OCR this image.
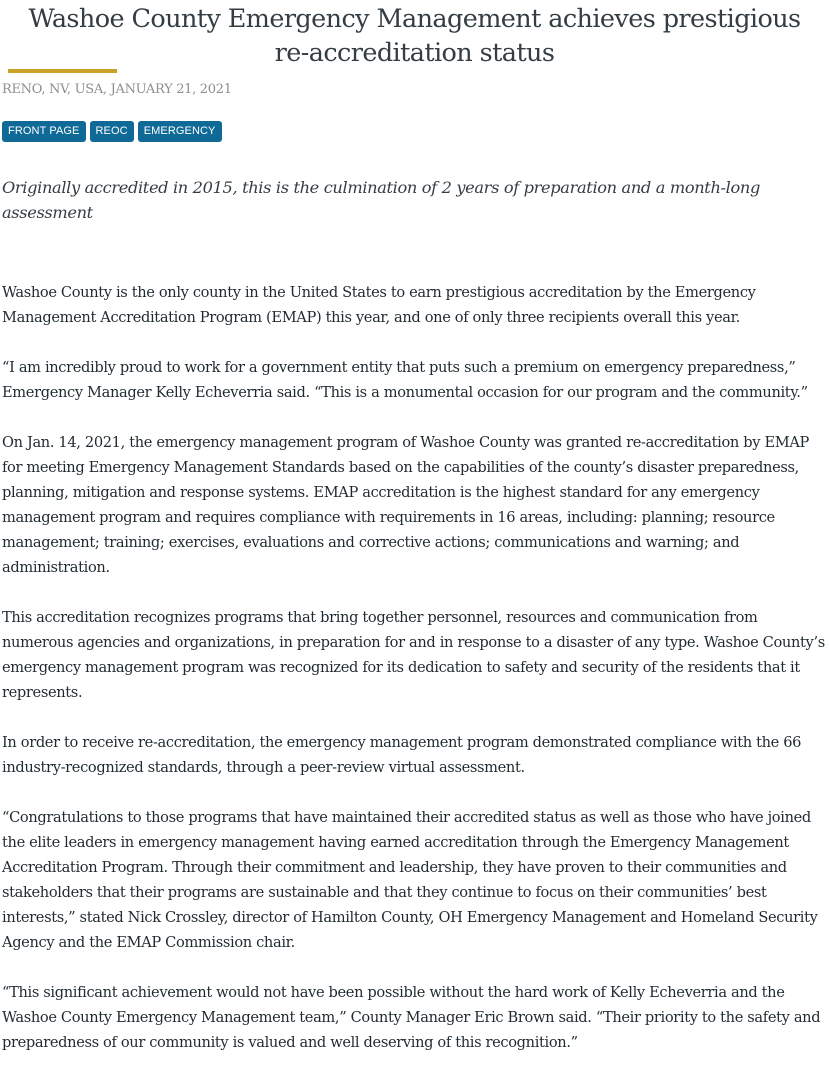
Washoe County Emergency Management achieves prestigious
re-accreditation status
RENO, NV, USA, JANUARY 21, 2021
FRONT PAGE	REOC	EMERGENCY

Originally accredited in 2015, this is the culmination of 2 years of preparation and a month-long assessment

Washoe County is the only county in the United States to earn prestigious accreditation by the Emergency Management Accreditation Program (EMAP) this year, and one of only three recipients overall this year.

“I am incredibly proud to work for a government entity that puts such a premium on emergency preparedness,” Emergency Manager Kelly Echeverria said. “This is a monumental occasion for our program and the community.”

On Jan. 14, 2021, the emergency management program of Washoe County was granted re-accreditation by EMAP for meeting Emergency Management Standards based on the capabilities of the county’s disaster preparedness, planning, mitigation and response systems. EMAP accreditation is the highest standard for any emergency management program and requires compliance with requirements in 16 areas, including: planning; resource management; training; exercises, evaluations and corrective actions; communications and warning; and administration.

This accreditation recognizes programs that bring together personnel, resources and communication from numerous agencies and organizations, in preparation for and in response to a disaster of any type. Washoe County’s emergency management program was recognized for its dedication to safety and security of the residents that it represents.

In order to receive re-accreditation, the emergency management program demonstrated compliance with the 66 industry-recognized standards, through a peer-review virtual assessment.

“Congratulations to those programs that have maintained their accredited status as well as those who have joined the elite leaders in emergency management having earned accreditation through the Emergency Management Accreditation Program. Through their commitment and leadership, they have proven to their communities and stakeholders that their programs are sustainable and that they continue to focus on their communities’ best interests,” stated Nick Crossley, director of Hamilton County, OH Emergency Management and Homeland Security Agency and the EMAP Commission chair.

“This significant achievement would not have been possible without the hard work of Kelly Echeverria and the Washoe County Emergency Management team,” County Manager Eric Brown said. “Their priority to the safety and preparedness of our community is valued and well deserving of this recognition.”
